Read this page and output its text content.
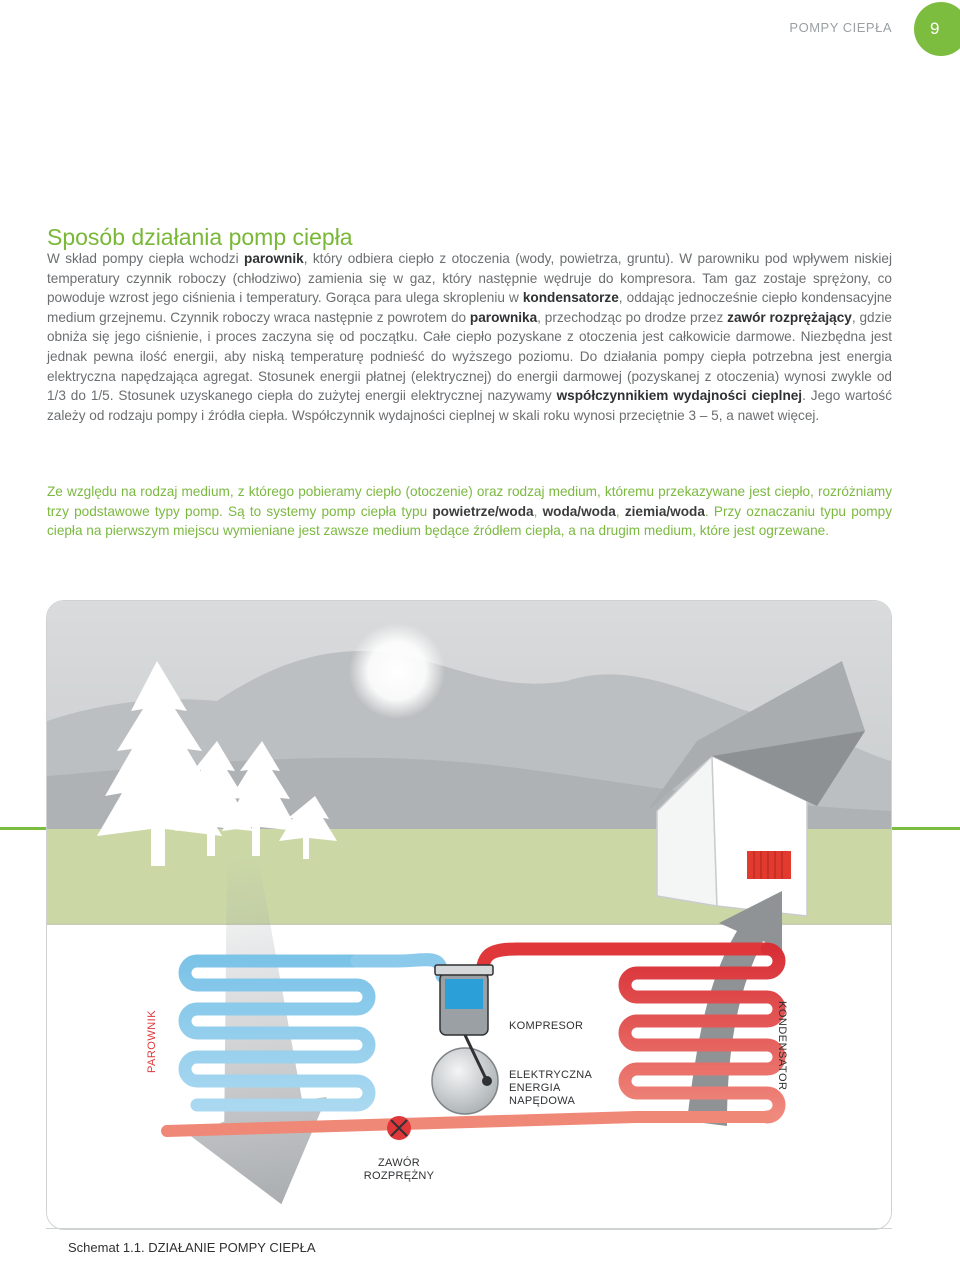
POMPY CIEPŁA	9
Sposób działania pomp ciepła

W skład pompy ciepła wchodzi parownik, który odbiera ciepło z otoczenia (wody, powietrza, gruntu). W parowniku pod wpływem niskiej temperatury czynnik roboczy (chłodziwo) zamienia się w gaz, który następnie wędruje do kompresora. Tam gaz zostaje sprężony, co powoduje wzrost jego ciśnienia i temperatury. Gorąca para ulega skropleniu w kondensatorze, oddając jednocześnie ciepło kondensacyjne medium grzejnemu. Czynnik roboczy wraca następnie z powrotem do parownika, przechodząc po drodze przez zawór rozprężający, gdzie obniża się jego ciśnienie, i proces zaczyna się od początku. Całe ciepło pozyskane z otoczenia jest całkowicie darmowe. Niezbędna jest jednak pewna ilość energii, aby niską temperaturę podnieść do wyższego poziomu. Do działania pompy ciepła potrzebna jest energia elektryczna napędzająca agregat. Stosunek energii płatnej (elektrycznej) do energii darmowej (pozyskanej z otoczenia) wynosi zwykle od 1/3 do 1/5. Stosunek uzyskanego ciepła do zużytej energii elektrycznej nazywamy współczynnikiem wydajności cieplnej. Jego wartość zależy od rodzaju pompy i źródła ciepła. Współczynnik wydajności cieplnej w skali roku wynosi przeciętnie 3 – 5, a nawet więcej.

Ze względu na rodzaj medium, z którego pobieramy ciepło (otoczenie) oraz rodzaj medium, któremu przekazywane jest ciepło, rozróżniamy trzy podstawowe typy pomp. Są to systemy pomp ciepła typu powietrze/woda, woda/woda, ziemia/woda. Przy oznaczaniu typu pompy ciepła na pierwszym miejscu wymieniane jest zawsze medium będące źródłem ciepła, a na drugim medium, które jest ogrzewane.

PAROWNIK	KOMPRESOR
ELEKTRYCZNA
ENERGIA
NAPĘDOWA
ZAWÓR
ROZPRĘŻNY
KONDENSATOR
Schemat 1.1. DZIAŁANIE POMPY CIEPŁA
